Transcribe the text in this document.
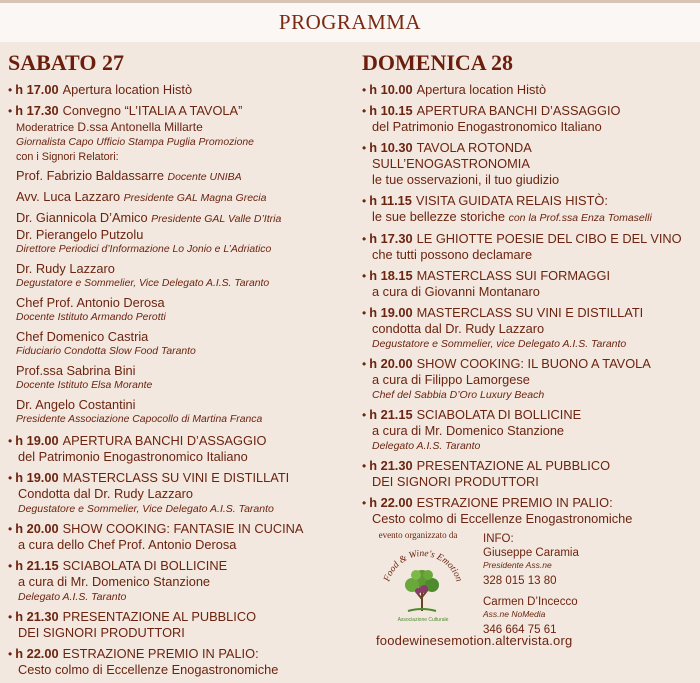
PROGRAMMA
SABATO 27
• h 17.00 Apertura location Histò
• h 17.30 Convegno “L’ITALIA A TAVOLA”
Moderatrice D.ssa Antonella Millarte
Giornalista Capo Ufficio Stampa Puglia Promozione
con i Signori Relatori:
Prof. Fabrizio Baldassarre Docente UNIBA
Avv. Luca Lazzaro Presidente GAL Magna Grecia
Dr. Giannicola D’Amico Presidente GAL Valle D’Itria
Dr. Pierangelo Putzolu
Direttore Periodici d’Informazione Lo Jonio e L’Adriatico
Dr. Rudy Lazzaro
Degustatore e Sommelier, Vice Delegato A.I.S. Taranto
Chef Prof. Antonio Derosa
Docente Istituto Armando Perotti
Chef Domenico Castria
Fiduciario Condotta Slow Food Taranto
Prof.ssa Sabrina Bini
Docente Istituto Elsa Morante
Dr. Angelo Costantini
Presidente Associazione Capocollo di Martina Franca
• h 19.00 APERTURA BANCHI D’ASSAGGIO
del Patrimonio Enogastronomico Italiano
• h 19.00 MASTERCLASS SU VINI E DISTILLATI
Condotta dal Dr. Rudy Lazzaro
Degustatore e Sommelier, Vice Delegato A.I.S. Taranto
• h 20.00 SHOW COOKING: FANTASIE IN CUCINA
a cura dello Chef Prof. Antonio Derosa
• h 21.15 SCIABOLATA DI BOLLICINE
a cura di Mr. Domenico Stanzione
Delegato A.I.S. Taranto
• h 21.30 PRESENTAZIONE AL PUBBLICO
DEI SIGNORI PRODUTTORI
• h 22.00 ESTRAZIONE PREMIO IN PALIO:
Cesto colmo di Eccellenze Enogastronomiche
DOMENICA 28
• h 10.00 Apertura location Histò
• h 10.15 APERTURA BANCHI D’ASSAGGIO
del Patrimonio Enogastronomico Italiano
• h 10.30 TAVOLA ROTONDA
SULL’ENOGASTRONOMIA
le tue osservazioni, il tuo giudizio
• h 11.15 VISITA GUIDATA RELAIS HISTÒ:
le sue bellezze storiche con la Prof.ssa Enza Tomaselli
• h 17.30 LE GHIOTTE POESIE DEL CIBO E DEL VINO
che tutti possono declamare
• h 18.15 MASTERCLASS SUI FORMAGGI
a cura di Giovanni Montanaro
• h 19.00 MASTERCLASS SU VINI E DISTILLATI
condotta dal Dr. Rudy Lazzaro
Degustatore e Sommelier, vice Delegato A.I.S. Taranto
• h 20.00 SHOW COOKING: IL BUONO A TAVOLA
a cura di Filippo Lamorgese
Chef del Sabbia D’Oro Luxury Beach
• h 21.15 SCIABOLATA DI BOLLICINE
a cura di Mr. Domenico Stanzione
Delegato A.I.S. Taranto
• h 21.30 PRESENTAZIONE AL PUBBLICO
DEI SIGNORI PRODUTTORI
• h 22.00 ESTRAZIONE PREMIO IN PALIO:
Cesto colmo di Eccellenze Enogastronomiche
evento organizzato da
Food & Wine's Emotion
Associazione Culturale
INFO:
Giuseppe Caramia
Presidente Ass.ne
328 015 13 80
Carmen D’Incecco
Ass.ne NoMedia
346 664 75 61
foodewinesemotion.altervista.org
